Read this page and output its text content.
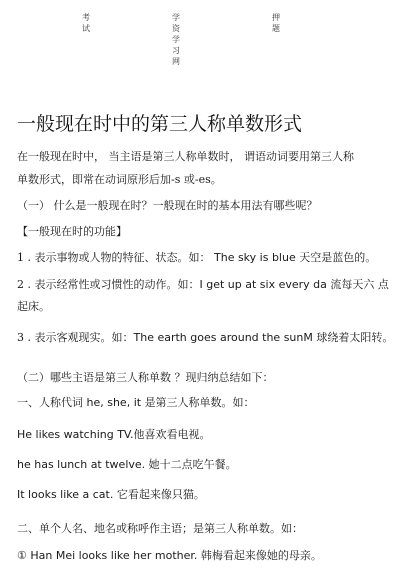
考试
学资学习网
押题
一般现在时中的第三人称单数形式
在一般现在时中， 当主语是第三人称单数时， 谓语动词要用第三人称
单数形式，即常在动词原形后加-s 或-es。
（一） 什么是一般现在时？一般现在时的基本用法有哪些呢？
【一般现在时的功能】
1 . 表示事物或人物的特征、状态。如： The sky is blue 天空是蓝色的。
2 . 表示经常性或习惯性的动作。如：I get up at six every da 流每天六 点
起床。
3 . 表示客观现实。如：The earth goes around the sunM 球绕着太阳转。
（二）哪些主语是第三人称单数 ？现归纳总结如下：
一、人称代词 he, she, it 是第三人称单数。如：
He likes watching TV.他喜欢看电视。
he has lunch at twelve. 她十二点吃午餐。
It looks like a cat. 它看起来像只猫。
二、单个人名、地名或称呼作主语；是第三人称单数。如：
① Han Mei looks like her mother. 韩梅看起来像她的母亲。
